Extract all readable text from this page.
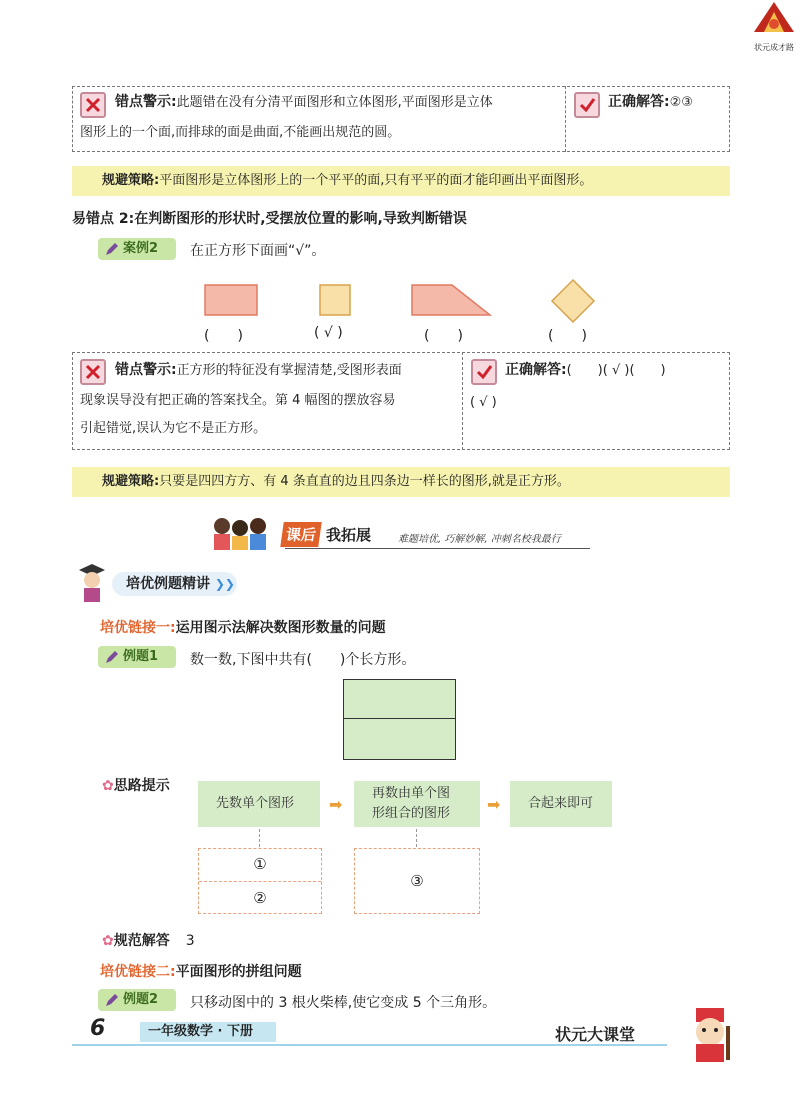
状元成才路
错点警示:此题错在没有分清平面图形和立体图形,平面图形是立体
图形上的一个面,而排球的面是曲面,不能画出规范的圆。
正确解答:②③
规避策略:平面图形是立体图形上的一个平平的面,只有平平的面才能印画出平面图形。
易错点 2:在判断图形的形状时,受摆放位置的影响,导致判断错误
案例2	在正方形下面画“√”。
(　　)	( √ )	(　　)	(　　)
错点警示:正方形的特征没有掌握清楚,受图形表面
现象误导没有把正确的答案找全。第 4 幅图的摆放容易
引起错觉,误认为它不是正方形。
正确解答:(　　)( √ )(　　)
( √ )
规避策略:只要是四四方方、有 4 条直直的边且四条边一样长的图形,就是正方形。
课后 我拓展	难题培优, 巧解妙解, 冲刺名校我最行
培优例题精讲 ❯❯
培优链接一:运用图示法解决数图形数量的问题
例题1	数一数,下图中共有(　　)个长方形。
✿思路提示
先数单个图形	➡
再数由单个图
形组合的图形	➡	合起来即可
①
②
③
✿规范解答 3
培优链接二:平面图形的拼组问题
例题2	只移动图中的 3 根火柴棒,使它变成 5 个三角形。
6	一年级数学 · 下册	状元大课堂
